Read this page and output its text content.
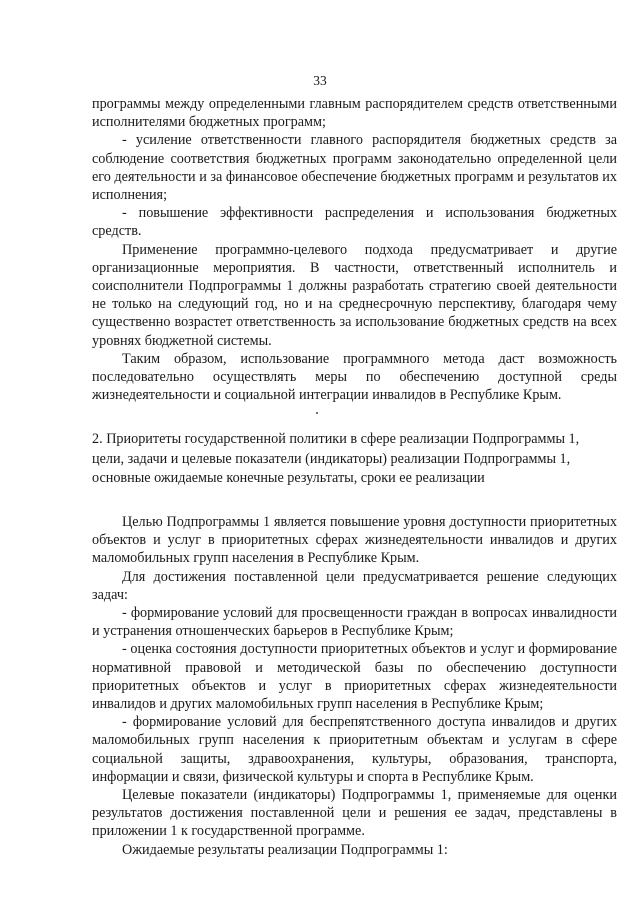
33

программы между определенными главным распорядителем средств ответственными исполнителями бюджетных программ;

- усиление ответственности главного распорядителя бюджетных средств за соблюдение соответствия бюджетных программ законодательно определенной цели его деятельности и за финансовое обеспечение бюджетных программ и результатов их исполнения;

- повышение эффективности распределения и использования бюджетных средств.

Применение программно-целевого подхода предусматривает и другие организационные мероприятия. В частности, ответственный исполнитель и соисполнители Подпрограммы 1 должны разработать стратегию своей деятельности не только на следующий год, но и на среднесрочную перспективу, благодаря чему существенно возрастет ответственность за использование бюджетных средств на всех уровнях бюджетной системы.

Таким образом, использование программного метода даст возможность последовательно осуществлять меры по обеспечению доступной среды жизнедеятельности и социальной интеграции инвалидов в Республике Крым.

2. Приоритеты государственной политики в сфере реализации Подпрограммы 1,

цели, задачи и целевые показатели (индикаторы) реализации Подпрограммы 1,

основные ожидаемые конечные результаты, сроки ее реализации

Целью Подпрограммы 1 является повышение уровня доступности приоритетных объектов и услуг в приоритетных сферах жизнедеятельности инвалидов и других маломобильных групп населения в Республике Крым.

Для достижения поставленной цели предусматривается решение следующих задач:

- формирование условий для просвещенности граждан в вопросах инвалидности и устранения отношенческих барьеров в Республике Крым;

- оценка состояния доступности приоритетных объектов и услуг и формирование нормативной правовой и методической базы по обеспечению доступности приоритетных объектов и услуг в приоритетных сферах жизнедеятельности инвалидов и других маломобильных групп населения в Республике Крым;

- формирование условий для беспрепятственного доступа инвалидов и других маломобильных групп населения к приоритетным объектам и услугам в сфере социальной защиты, здравоохранения, культуры, образования, транспорта, информации и связи, физической культуры и спорта в Республике Крым.

Целевые показатели (индикаторы) Подпрограммы 1, применяемые для оценки результатов достижения поставленной цели и решения ее задач, представлены в приложении 1 к государственной программе.

Ожидаемые результаты реализации Подпрограммы 1:
